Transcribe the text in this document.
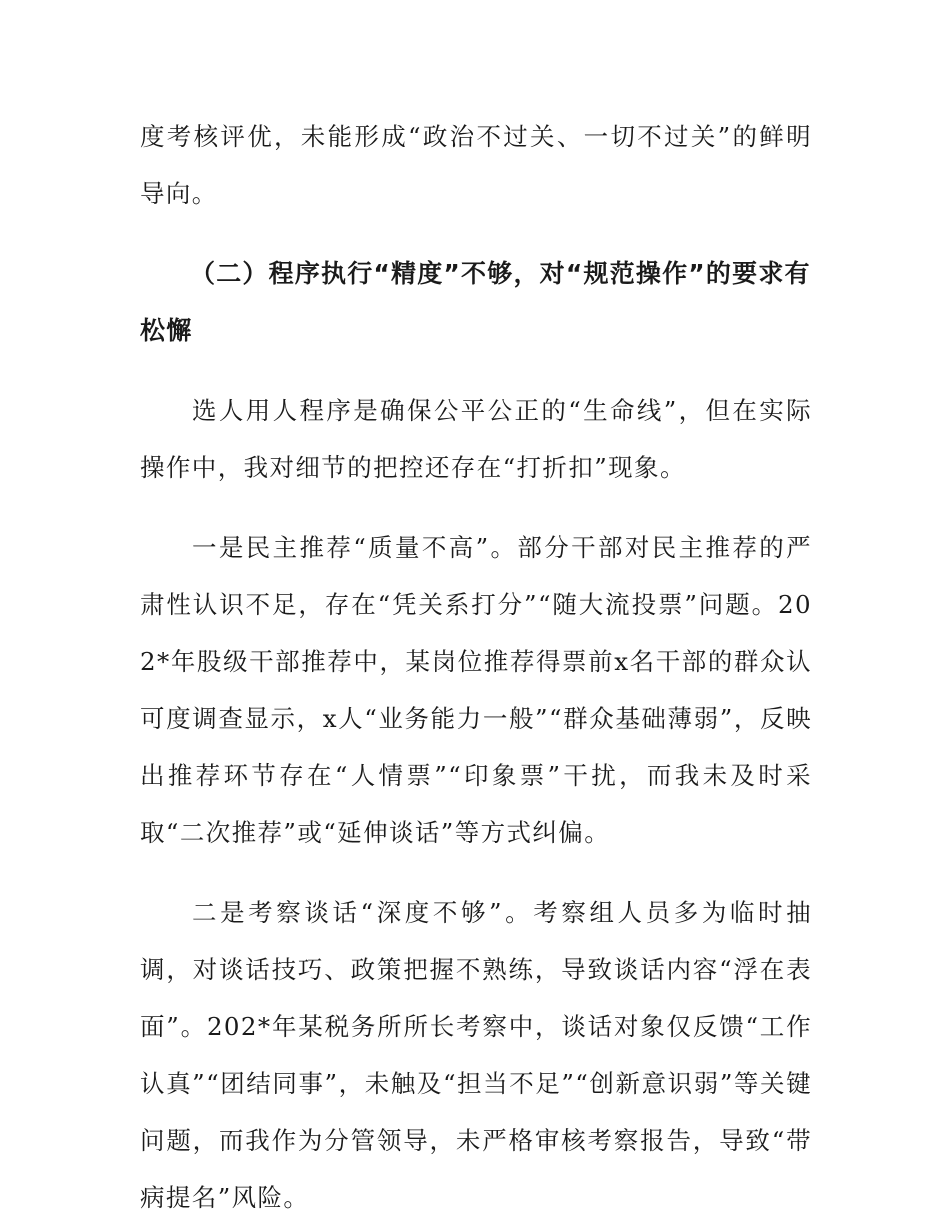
度考核评优，未能形成“政治不过关、一切不过关”的鲜明导向。

（二）程序执行“精度”不够，对“规范操作”的要求有松懈

选人用人程序是确保公平公正的“生命线”，但在实际操作中，我对细节的把控还存在“打折扣”现象。

一是民主推荐“质量不高”。部分干部对民主推荐的严肃性认识不足，存在“凭关系打分”“随大流投票”问题。202*年股级干部推荐中，某岗位推荐得票前x名干部的群众认可度调查显示，x人“业务能力一般”“群众基础薄弱”，反映出推荐环节存在“人情票”“印象票”干扰，而我未及时采取“二次推荐”或“延伸谈话”等方式纠偏。

二是考察谈话“深度不够”。考察组人员多为临时抽调，对谈话技巧、政策把握不熟练，导致谈话内容“浮在表面”。202*年某税务所所长考察中，谈话对象仅反馈“工作认真”“团结同事”，未触及“担当不足”“创新意识弱”等关键问题，而我作为分管领导，未严格审核考察报告，导致“带病提名”风险。
